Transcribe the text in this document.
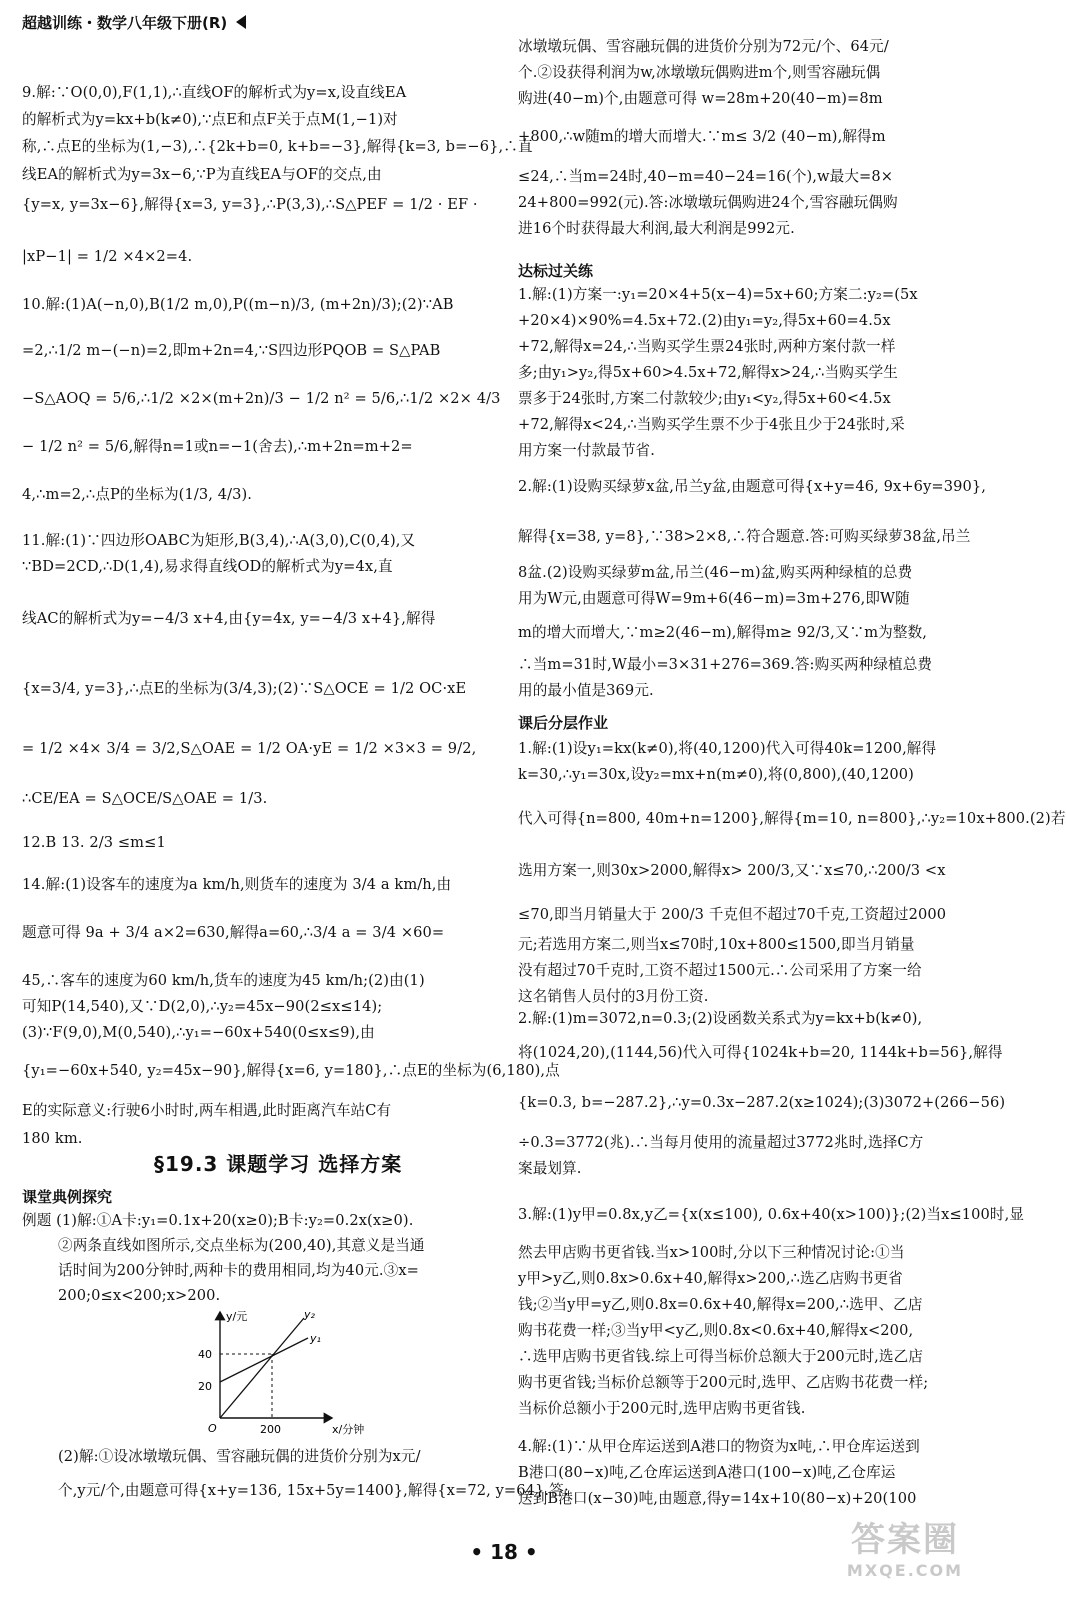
超越训练・数学八年级下册(R)
9.解:∵O(0,0),F(1,1),∴直线OF的解析式为y=x,设直线EA
的解析式为y=kx+b(k≠0),∵点E和点F关于点M(1,−1)对
称,∴点E的坐标为(1,−3),∴{2k+b=0, k+b=−3},解得{k=3, b=−6},∴直
线EA的解析式为y=3x−6,∵P为直线EA与OF的交点,由
{y=x, y=3x−6},解得{x=3, y=3},∴P(3,3),∴S△PEF = 1/2 · EF ·
|xP−1| = 1/2 ×4×2=4.
10.解:(1)A(−n,0),B(1/2 m,0),P((m−n)/3, (m+2n)/3);(2)∵AB
=2,∴1/2 m−(−n)=2,即m+2n=4,∵S四边形PQOB = S△PAB
−S△AOQ = 5/6,∴1/2 ×2×(m+2n)/3 − 1/2 n² = 5/6,∴1/2 ×2× 4/3
− 1/2 n² = 5/6,解得n=1或n=−1(舍去),∴m+2n=m+2=
4,∴m=2,∴点P的坐标为(1/3, 4/3).
11.解:(1)∵四边形OABC为矩形,B(3,4),∴A(3,0),C(0,4),又
∵BD=2CD,∴D(1,4),易求得直线OD的解析式为y=4x,直
线AC的解析式为y=−4/3 x+4,由{y=4x, y=−4/3 x+4},解得
{x=3/4, y=3},∴点E的坐标为(3/4,3);(2)∵S△OCE = 1/2 OC·xE
= 1/2 ×4× 3/4 = 3/2,S△OAE = 1/2 OA·yE = 1/2 ×3×3 = 9/2,
∴CE/EA = S△OCE/S△OAE = 1/3.
12.B 13. 2/3 ≤m≤1
14.解:(1)设客车的速度为a km/h,则货车的速度为 3/4 a km/h,由
题意可得 9a + 3/4 a×2=630,解得a=60,∴3/4 a = 3/4 ×60=
45,∴客车的速度为60 km/h,货车的速度为45 km/h;(2)由(1)
可知P(14,540),又∵D(2,0),∴y₂=45x−90(2≤x≤14);
(3)∵F(9,0),M(0,540),∴y₁=−60x+540(0≤x≤9),由
{y₁=−60x+540, y₂=45x−90},解得{x=6, y=180},∴点E的坐标为(6,180),点
E的实际意义:行驶6小时时,两车相遇,此时距离汽车站C有
180 km.
§19.3 课题学习 选择方案
课堂典例探究
例题 (1)解:①A卡:y₁=0.1x+20(x≥0);B卡:y₂=0.2x(x≥0).
②两条直线如图所示,交点坐标为(200,40),其意义是当通
话时间为200分钟时,两种卡的费用相同,均为40元.③x=
200;0≤x<200;x>200.
y/元
x/分钟
O
40
20
200
y₂
y₁
(2)解:①设冰墩墩玩偶、雪容融玩偶的进货价分别为x元/
个,y元/个,由题意可得{x+y=136, 15x+5y=1400},解得{x=72, y=64}.答:
冰墩墩玩偶、雪容融玩偶的进货价分别为72元/个、64元/
个.②设获得利润为w,冰墩墩玩偶购进m个,则雪容融玩偶
购进(40−m)个,由题意可得 w=28m+20(40−m)=8m
+800,∴w随m的增大而增大.∵m≤ 3/2 (40−m),解得m
≤24,∴当m=24时,40−m=40−24=16(个),w最大=8×
24+800=992(元).答:冰墩墩玩偶购进24个,雪容融玩偶购
进16个时获得最大利润,最大利润是992元.
达标过关练
1.解:(1)方案一:y₁=20×4+5(x−4)=5x+60;方案二:y₂=(5x
+20×4)×90%=4.5x+72.(2)由y₁=y₂,得5x+60=4.5x
+72,解得x=24,∴当购买学生票24张时,两种方案付款一样
多;由y₁>y₂,得5x+60>4.5x+72,解得x>24,∴当购买学生
票多于24张时,方案二付款较少;由y₁<y₂,得5x+60<4.5x
+72,解得x<24,∴当购买学生票不少于4张且少于24张时,采
用方案一付款最节省.
2.解:(1)设购买绿萝x盆,吊兰y盆,由题意可得{x+y=46, 9x+6y=390},
解得{x=38, y=8},∵38>2×8,∴符合题意.答:可购买绿萝38盆,吊兰
8盆.(2)设购买绿萝m盆,吊兰(46−m)盆,购买两种绿植的总费
用为W元,由题意可得W=9m+6(46−m)=3m+276,即W随
m的增大而增大,∵m≥2(46−m),解得m≥ 92/3,又∵m为整数,
∴当m=31时,W最小=3×31+276=369.答:购买两种绿植总费
用的最小值是369元.
课后分层作业
1.解:(1)设y₁=kx(k≠0),将(40,1200)代入可得40k=1200,解得
k=30,∴y₁=30x,设y₂=mx+n(m≠0),将(0,800),(40,1200)
代入可得{n=800, 40m+n=1200},解得{m=10, n=800},∴y₂=10x+800.(2)若
选用方案一,则30x>2000,解得x> 200/3,又∵x≤70,∴200/3 <x
≤70,即当月销量大于 200/3 千克但不超过70千克,工资超过2000
元;若选用方案二,则当x≤70时,10x+800≤1500,即当月销量
没有超过70千克时,工资不超过1500元.∴公司采用了方案一给
这名销售人员付的3月份工资.
2.解:(1)m=3072,n=0.3;(2)设函数关系式为y=kx+b(k≠0),
将(1024,20),(1144,56)代入可得{1024k+b=20, 1144k+b=56},解得
{k=0.3, b=−287.2},∴y=0.3x−287.2(x≥1024);(3)3072+(266−56)
÷0.3=3772(兆).∴当每月使用的流量超过3772兆时,选择C方
案最划算.
3.解:(1)y甲=0.8x,y乙={x(x≤100), 0.6x+40(x>100)};(2)当x≤100时,显
然去甲店购书更省钱.当x>100时,分以下三种情况讨论:①当
y甲>y乙,则0.8x>0.6x+40,解得x>200,∴选乙店购书更省
钱;②当y甲=y乙,则0.8x=0.6x+40,解得x=200,∴选甲、乙店
购书花费一样;③当y甲<y乙,则0.8x<0.6x+40,解得x<200,
∴选甲店购书更省钱.综上可得当标价总额大于200元时,选乙店
购书更省钱;当标价总额等于200元时,选甲、乙店购书花费一样;
当标价总额小于200元时,选甲店购书更省钱.
4.解:(1)∵从甲仓库运送到A港口的物资为x吨,∴甲仓库运送到
B港口(80−x)吨,乙仓库运送到A港口(100−x)吨,乙仓库运
送到B港口(x−30)吨,由题意,得y=14x+10(80−x)+20(100
• 18 •	答案圈
MXQE.COM
